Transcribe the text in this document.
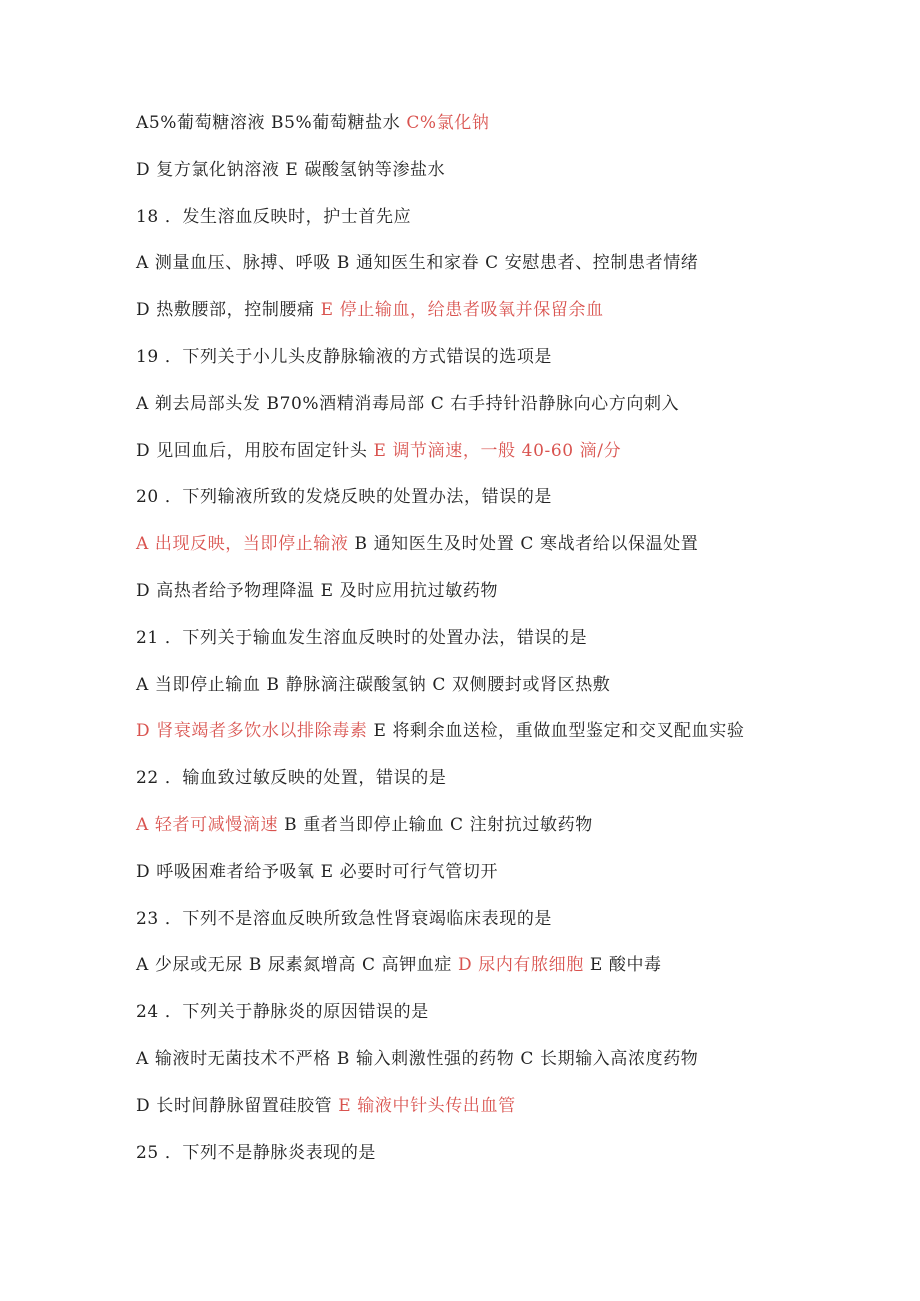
A5%葡萄糖溶液 B5%葡萄糖盐水 C%氯化钠
D 复方氯化钠溶液 E 碳酸氢钠等渗盐水
18 ．发生溶血反映时，护士首先应
A 测量血压、脉搏、呼吸 B 通知医生和家眷 C 安慰患者、控制患者情绪
D 热敷腰部，控制腰痛 E 停止输血，给患者吸氧并保留余血
19 ．下列关于小儿头皮静脉输液的方式错误的选项是
A 剃去局部头发 B70%酒精消毒局部 C 右手持针沿静脉向心方向刺入
D 见回血后，用胶布固定针头 E 调节滴速，一般 40-60 滴/分
20 ．下列输液所致的发烧反映的处置办法，错误的是
A 出现反映，当即停止输液 B 通知医生及时处置 C 寒战者给以保温处置
D 高热者给予物理降温 E 及时应用抗过敏药物
21 ．下列关于输血发生溶血反映时的处置办法，错误的是
A 当即停止输血 B 静脉滴注碳酸氢钠 C 双侧腰封或肾区热敷
D 肾衰竭者多饮水以排除毒素 E 将剩余血送检，重做血型鉴定和交叉配血实验
22 ．输血致过敏反映的处置，错误的是
A 轻者可减慢滴速 B 重者当即停止输血 C 注射抗过敏药物
D 呼吸困难者给予吸氧 E 必要时可行气管切开
23 ．下列不是溶血反映所致急性肾衰竭临床表现的是
A 少尿或无尿 B 尿素氮增高 C 高钾血症 D 尿内有脓细胞 E 酸中毒
24 ．下列关于静脉炎的原因错误的是
A 输液时无菌技术不严格 B 输入刺激性强的药物 C 长期输入高浓度药物
D 长时间静脉留置硅胶管 E 输液中针头传出血管
25 ．下列不是静脉炎表现的是
